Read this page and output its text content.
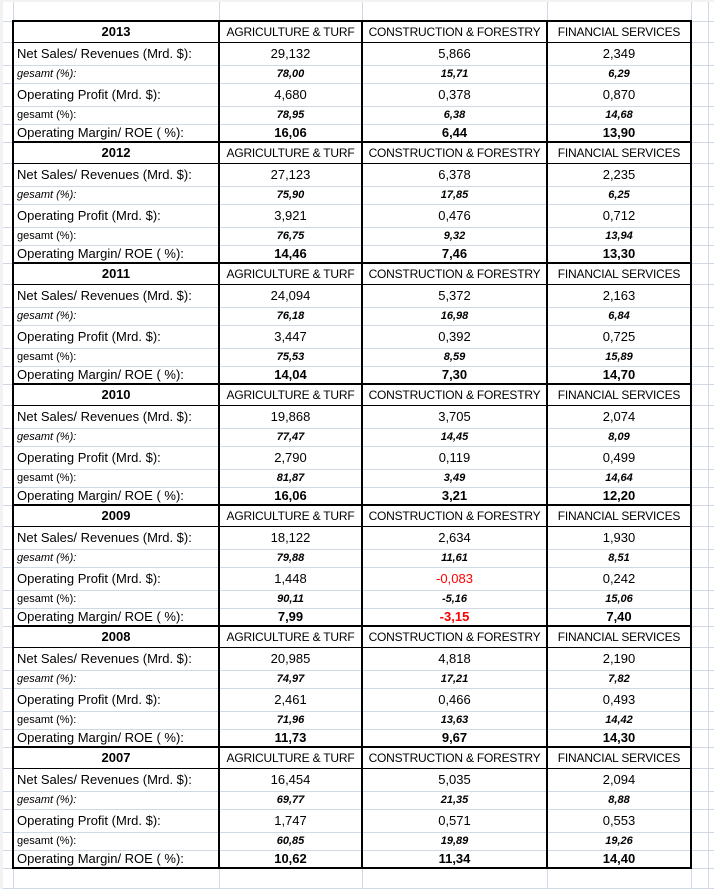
	2013	AGRICULTURE & TURF	CONSTRUCTION & FORESTRY	FINANCIAL SERVICES		
	Net Sales/ Revenues (Mrd. $):	29,132	5,866	2,349		
	gesamt (%):	78,00	15,71	6,29		
	Operating Profit (Mrd. $):	4,680	0,378	0,870		
	gesamt (%):	78,95	6,38	14,68		
	Operating Margin/ ROE ( %):	16,06	6,44	13,90		
	2012	AGRICULTURE & TURF	CONSTRUCTION & FORESTRY	FINANCIAL SERVICES		
	Net Sales/ Revenues (Mrd. $):	27,123	6,378	2,235		
	gesamt (%):	75,90	17,85	6,25		
	Operating Profit (Mrd. $):	3,921	0,476	0,712		
	gesamt (%):	76,75	9,32	13,94		
	Operating Margin/ ROE ( %):	14,46	7,46	13,30		
	2011	AGRICULTURE & TURF	CONSTRUCTION & FORESTRY	FINANCIAL SERVICES		
	Net Sales/ Revenues (Mrd. $):	24,094	5,372	2,163		
	gesamt (%):	76,18	16,98	6,84		
	Operating Profit (Mrd. $):	3,447	0,392	0,725		
	gesamt (%):	75,53	8,59	15,89		
	Operating Margin/ ROE ( %):	14,04	7,30	14,70		
	2010	AGRICULTURE & TURF	CONSTRUCTION & FORESTRY	FINANCIAL SERVICES		
	Net Sales/ Revenues (Mrd. $):	19,868	3,705	2,074		
	gesamt (%):	77,47	14,45	8,09		
	Operating Profit (Mrd. $):	2,790	0,119	0,499		
	gesamt (%):	81,87	3,49	14,64		
	Operating Margin/ ROE ( %):	16,06	3,21	12,20		
	2009	AGRICULTURE & TURF	CONSTRUCTION & FORESTRY	FINANCIAL SERVICES		
	Net Sales/ Revenues (Mrd. $):	18,122	2,634	1,930		
	gesamt (%):	79,88	11,61	8,51		
	Operating Profit (Mrd. $):	1,448	-0,083	0,242		
	gesamt (%):	90,11	-5,16	15,06		
	Operating Margin/ ROE ( %):	7,99	-3,15	7,40		
	2008	AGRICULTURE & TURF	CONSTRUCTION & FORESTRY	FINANCIAL SERVICES		
	Net Sales/ Revenues (Mrd. $):	20,985	4,818	2,190		
	gesamt (%):	74,97	17,21	7,82		
	Operating Profit (Mrd. $):	2,461	0,466	0,493		
	gesamt (%):	71,96	13,63	14,42		
	Operating Margin/ ROE ( %):	11,73	9,67	14,30		
	2007	AGRICULTURE & TURF	CONSTRUCTION & FORESTRY	FINANCIAL SERVICES		
	Net Sales/ Revenues (Mrd. $):	16,454	5,035	2,094		
	gesamt (%):	69,77	21,35	8,88		
	Operating Profit (Mrd. $):	1,747	0,571	0,553		
	gesamt (%):	60,85	19,89	19,26		
	Operating Margin/ ROE ( %):	10,62	11,34	14,40		
